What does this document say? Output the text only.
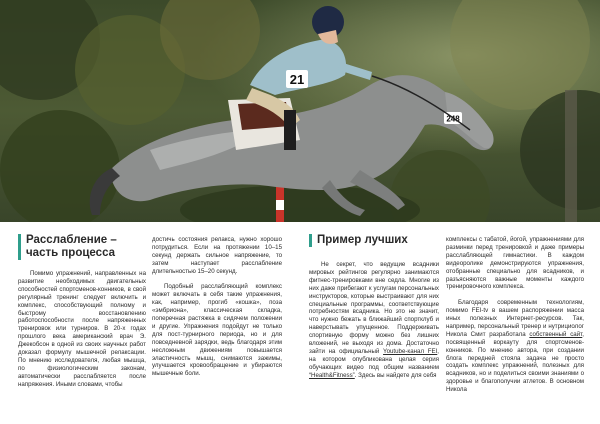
21
248
Расслабление – часть процесса

Помимо упражнений, направленных на развитие необходимых двигательных способностей спортсменов-конников, в свой регулярный тренинг следует включить и комплекс, способствующий полному и быстрому восстановлению работоспособности после напряженных тренировок или турниров. В 20-х годах прошлого века американский врач Э. Джекобсон в одной из своих научных работ доказал формулу мышечной релаксации. По мнению исследователя, любая мышца, по физиологическим законам, автоматически расслабляется после напряжения. Иными словами, чтобы

достичь состояния релакса, нужно хорошо потрудиться. Если на протяжении 10–15 секунд держать сильное напряжение, то затем наступает расслабление длительностью 15–20 секунд.

Подобный расслабляющий комплекс может включать в себя такие упражнения, как, например, прогиб «кошка», поза «эмбриона», классическая складка, поперечная растяжка в сидячем положении и другие. Упражнения подойдут не только для пост-турнирного периода, но и для повседневной зарядки, ведь благодаря этим несложным движениям повышается эластичность мышц, снимаются зажимы, улучшается кровообращение и убираются мышечные боли.

Пример лучших

Не секрет, что ведущие всадники мировых рейтингов регулярно занимаются фитнес-тренировками вне седла. Многие из них даже прибегают к услугам персональных инструкторов, которые выстраивают для них специальные программы, соответствующие потребностям всадника. Но это не значит, что нужно бежать в ближайший спортклуб и наверстывать упущенное. Поддерживать спортивную форму можно без лишних вложений, не выходя из дома. Достаточно зайти на официальный Youtube-канал FEI, на котором опубликована целая серия обучающих видео под общим названием “Health&Fitness”. Здесь вы найдете для себя

комплексы с табатой, йогой, упражнениями для разминки перед тренировкой и даже примеры расслабляющей гимнастики. В каждом видеоролике демонстрируются упражнения, отобранные специально для всадников, и разъясняются важные моменты каждого тренировочного комплекса.

Благодаря современным технологиям, помимо FEI-tv в вашем распоряжении масса иных полезных Интернет-ресурсов. Так, например, персональный тренер и нутрициолог Никола Смит разработала собственный сайт, посвященный воркауту для спортсменов-конников. По мнению автора, при создании блога передней стояла задача не просто создать комплекс упражнений, полезных для всадников, но и поделиться своими знаниями о здоровье и благополучии атлетов. В основном Никола
